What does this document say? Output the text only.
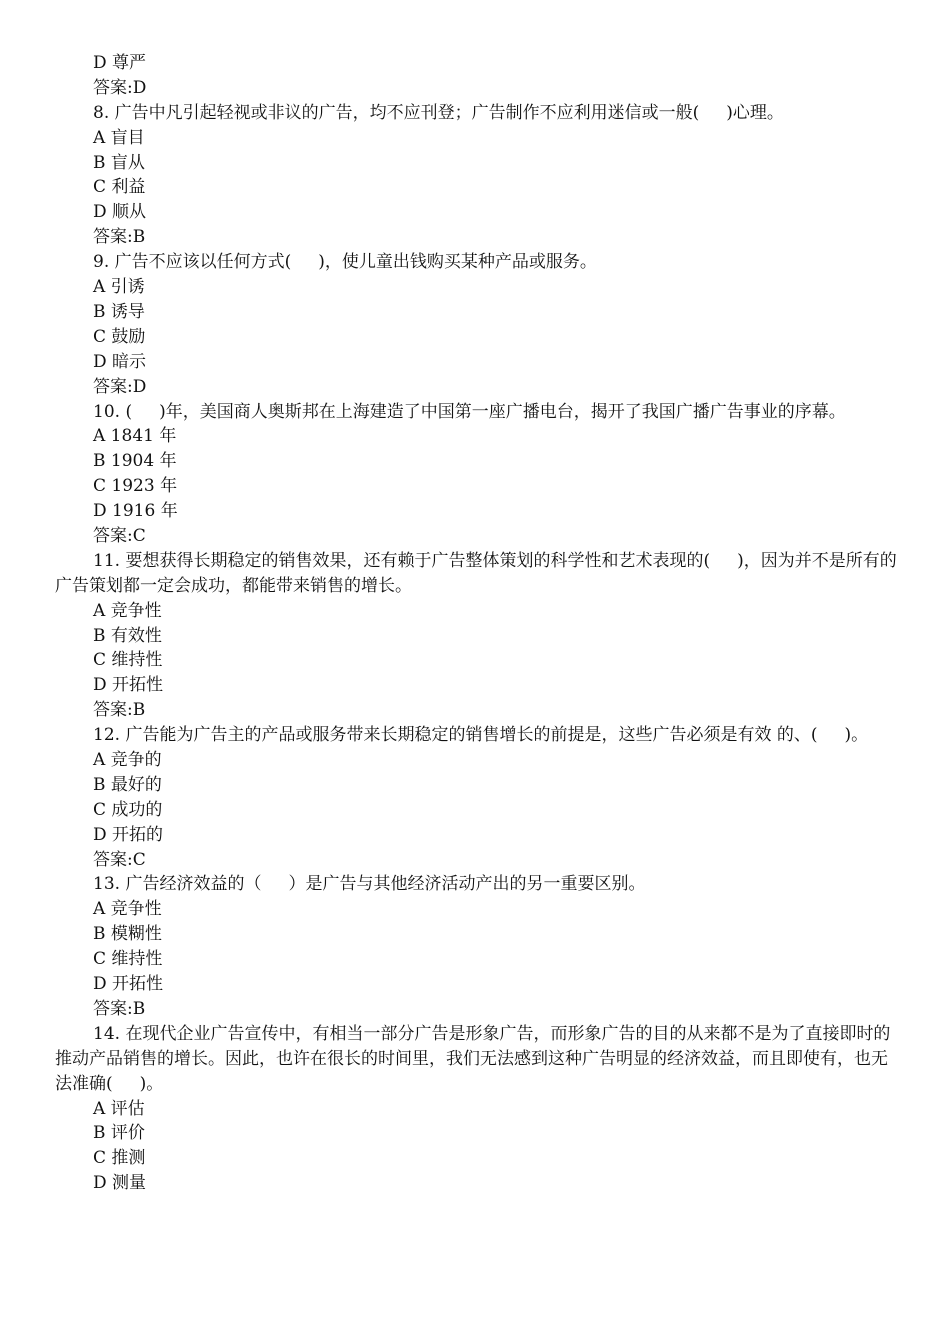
D 尊严
答案:D
8. 广告中凡引起轻视或非议的广告，均不应刊登；广告制作不应利用迷信或一般(     )心理。
A 盲目
B 盲从
C 利益
D 顺从
答案:B
9. 广告不应该以任何方式(     )，使儿童出钱购买某种产品或服务。
A 引诱
B 诱导
C 鼓励
D 暗示
答案:D
10. (     )年，美国商人奥斯邦在上海建造了中国第一座广播电台，揭开了我国广播广告事业的序幕。
A 1841 年
B 1904 年
C 1923 年
D 1916 年
答案:C
11. 要想获得长期稳定的销售效果，还有赖于广告整体策划的科学性和艺术表现的(     )，因为并不是所有的广告策划都一定会成功，都能带来销售的增长。
A 竞争性
B 有效性
C 维持性
D 开拓性
答案:B
12. 广告能为广告主的产品或服务带来长期稳定的销售增长的前提是，这些广告必须是有效 的、(     )。
A 竞争的
B 最好的
C 成功的
D 开拓的
答案:C
13. 广告经济效益的（     ）是广告与其他经济活动产出的另一重要区别。
A 竞争性
B 模糊性
C 维持性
D 开拓性
答案:B
14. 在现代企业广告宣传中，有相当一部分广告是形象广告，而形象广告的目的从来都不是为了直接即时的推动产品销售的增长。因此，也许在很长的时间里，我们无法感到这种广告明显的经济效益，而且即使有，也无法准确(     )。
A 评估
B 评价
C 推测
D 测量
